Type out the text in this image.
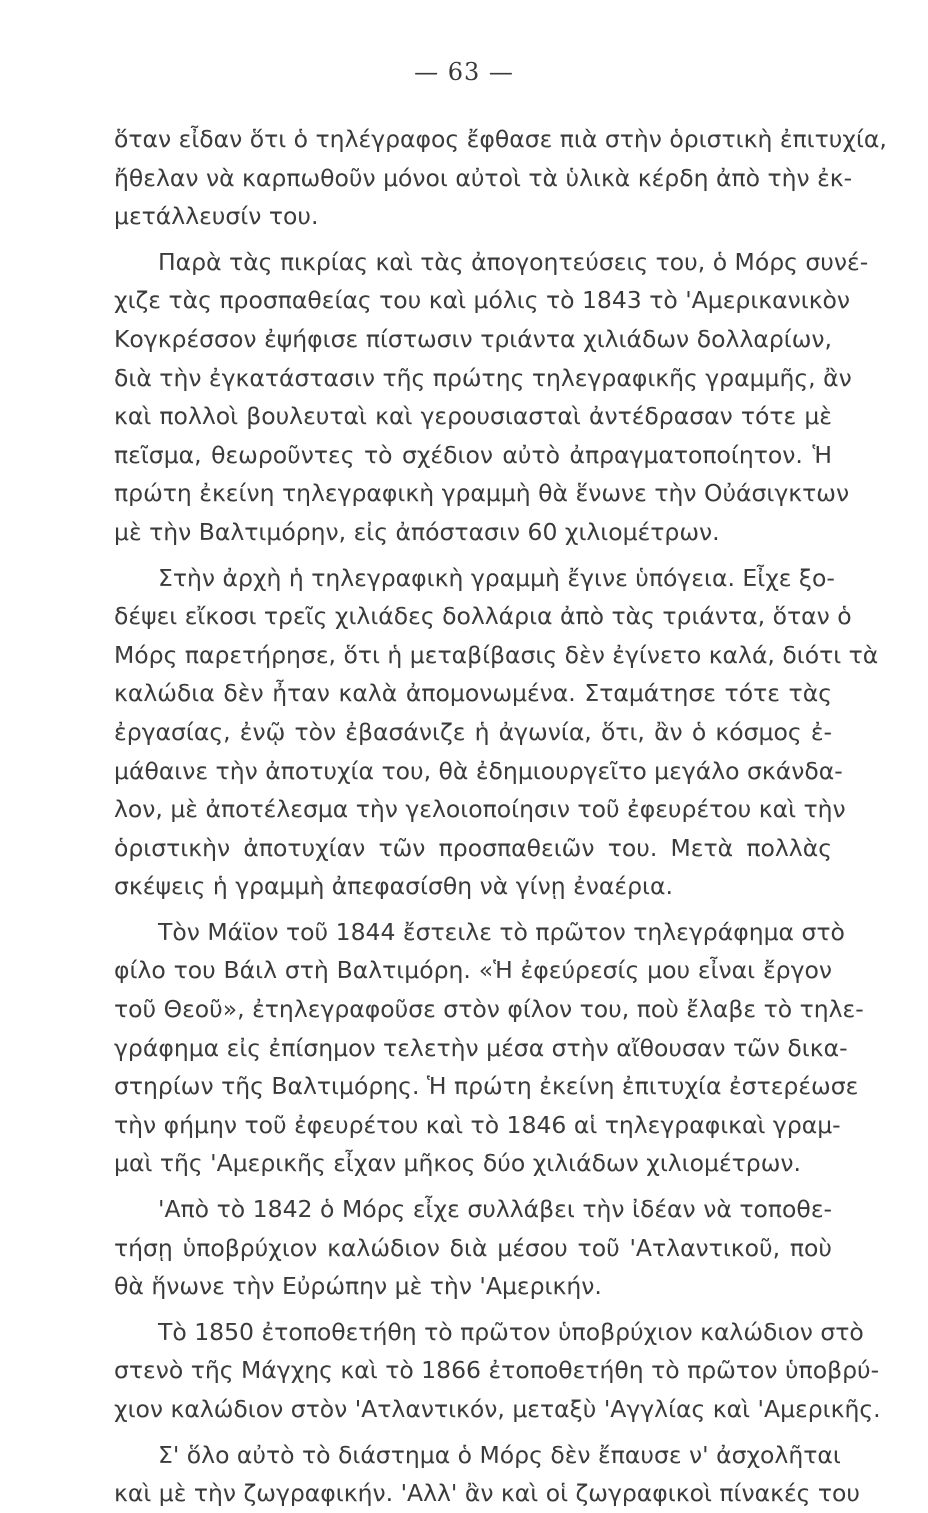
— 63 —
ὅταν εἶδαν ὅτι ὁ τηλέγραφος ἔφθασε πιὰ στὴν ὁριστικὴ ἐπιτυχία,
ἤθελαν νὰ καρπωθοῦν μόνοι αὐτοὶ τὰ ὑλικὰ κέρδη ἀπὸ τὴν ἐκ-
μετάλλευσίν του.
Παρὰ τὰς πικρίας καὶ τὰς ἀπογοητεύσεις του, ὁ Μόρς συνέ-
χιζε τὰς προσπαθείας του καὶ μόλις τὸ 1843 τὸ 'Αμερικανικὸν
Κογκρέσσον ἐψήφισε πίστωσιν τριάντα χιλιάδων δολλαρίων,
διὰ τὴν ἐγκατάστασιν τῆς πρώτης τηλεγραφικῆς γραμμῆς, ἂν
καὶ πολλοὶ βουλευταὶ καὶ γερουσιασταὶ ἀντέδρασαν τότε μὲ
πεῖσμα, θεωροῦντες τὸ σχέδιον αὐτὸ ἀπραγματοποίητον. Ἡ
πρώτη ἐκείνη τηλεγραφικὴ γραμμὴ θὰ ἕνωνε τὴν Οὐάσιγκτων
μὲ τὴν Βαλτιμόρην, εἰς ἀπόστασιν 60 χιλιομέτρων.
Στὴν ἀρχὴ ἡ τηλεγραφικὴ γραμμὴ ἔγινε ὑπόγεια. Εἶχε ξο-
δέψει εἴκοσι τρεῖς χιλιάδες δολλάρια ἀπὸ τὰς τριάντα, ὅταν ὁ
Μόρς παρετήρησε, ὅτι ἡ μεταβίβασις δὲν ἐγίνετο καλά, διότι τὰ
καλώδια δὲν ἦταν καλὰ ἀπομονωμένα. Σταμάτησε τότε τὰς
ἐργασίας, ἐνῷ τὸν ἐβασάνιζε ἡ ἀγωνία, ὅτι, ἂν ὁ κόσμος ἐ-
μάθαινε τὴν ἀποτυχία του, θὰ ἐδημιουργεῖτο μεγάλο σκάνδα-
λον, μὲ ἀποτέλεσμα τὴν γελοιοποίησιν τοῦ ἐφευρέτου καὶ τὴν
ὁριστικὴν ἀποτυχίαν τῶν προσπαθειῶν του. Μετὰ πολλὰς
σκέψεις ἡ γραμμὴ ἀπεφασίσθη νὰ γίνῃ ἐναέρια.
Τὸν Μάϊον τοῦ 1844 ἔστειλε τὸ πρῶτον τηλεγράφημα στὸ
φίλο του Βάιλ στὴ Βαλτιμόρη. «Ἡ ἐφεύρεσίς μου εἶναι ἔργον
τοῦ Θεοῦ», ἐτηλεγραφοῦσε στὸν φίλον του, ποὺ ἔλαβε τὸ τηλε-
γράφημα εἰς ἐπίσημον τελετὴν μέσα στὴν αἴθουσαν τῶν δικα-
στηρίων τῆς Βαλτιμόρης. Ἡ πρώτη ἐκείνη ἐπιτυχία ἐστερέωσε
τὴν φήμην τοῦ ἐφευρέτου καὶ τὸ 1846 αἱ τηλεγραφικαὶ γραμ-
μαὶ τῆς 'Αμερικῆς εἶχαν μῆκος δύο χιλιάδων χιλιομέτρων.
'Απὸ τὸ 1842 ὁ Μόρς εἶχε συλλάβει τὴν ἰδέαν νὰ τοποθε-
τήσῃ ὑποβρύχιον καλώδιον διὰ μέσου τοῦ 'Ατλαντικοῦ, ποὺ
θὰ ἥνωνε τὴν Εὐρώπην μὲ τὴν 'Αμερικήν.
Τὸ 1850 ἐτοποθετήθη τὸ πρῶτον ὑποβρύχιον καλώδιον στὸ
στενὸ τῆς Μάγχης καὶ τὸ 1866 ἐτοποθετήθη τὸ πρῶτον ὑποβρύ-
χιον καλώδιον στὸν 'Ατλαντικόν, μεταξὺ 'Αγγλίας καὶ 'Αμερικῆς.
Σ' ὅλο αὐτὸ τὸ διάστημα ὁ Μόρς δὲν ἔπαυσε ν' ἀσχολῆται
καὶ μὲ τὴν ζωγραφικήν. 'Αλλ' ἂν καὶ οἱ ζωγραφικοὶ πίνακές του
